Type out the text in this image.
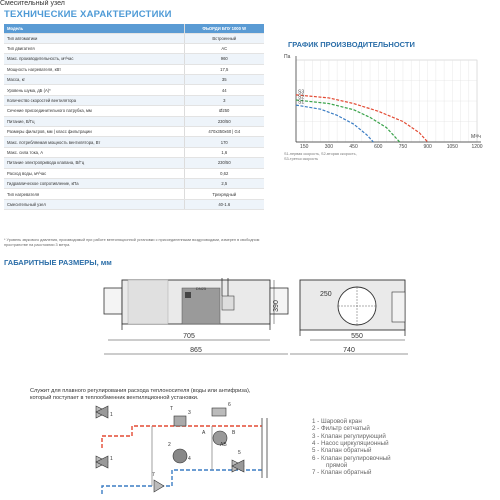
ТЕХНИЧЕСКИЕ ХАРАКТЕРИСТИКИ
Модель	ФЬОРДИ БПУ 1000 W
Тип автоматики	Встроенный
Тип двигателя	AC
Макс. производительность, м³/час	960
Мощность нагревателя, кВт	17,5
Масса, кг	35
Уровень шума, дБ (А)*	44
Количество скоростей вентилятора	3
Сечение присоединительного патрубка, мм	Ø250
Питание, В/Гц	230/50
Размеры фильтров, мм | класс фильтрации	470х350х60 | G4
Макс. потребляемая мощность вентилятора, Вт	170
Макс. сила тока, А	1,6
Питание электропривода клапана, В/Гц	230/50
Расход воды, м³/час	0,62
Гидравлическое сопротивление, кПа	2,5
Тип нагревателя	Трехрядный
Смесительный узел	40-1.6
* Уровень звукового давления, производимый при работе вентиляционной установки с присоединенными воздуховодами, измерен в свободном пространстве на расстоянии 3 метра.
ГРАФИК ПРОИЗВОДИТЕЛЬНОСТИ
150	300	450	600	750	900	1050	1200
Па
М³/ч
S3
S2
S1
S1-первая скорость, S2-вторая скорость,
S3-третья скорость
ГАБАРИТНЫЕ РАЗМЕРЫ, мм
DN25
705
865
390
250
550
740
Смесительный узел
Служит для плавного регулирования расхода теплоносителя (воды или антифриза),
который поступает в теплообменник вентиляционной установки.
1
2
3
4
5
6
7
1
T
A
AB
B
1 - Шаровой кран
2 - Фильтр сетчатый
3 - Клапан регулирующий
4 - Насос циркуляционный
5 - Клапан обратный
6 - Клапан регулировочный
прямой
7 - Клапан обратный
